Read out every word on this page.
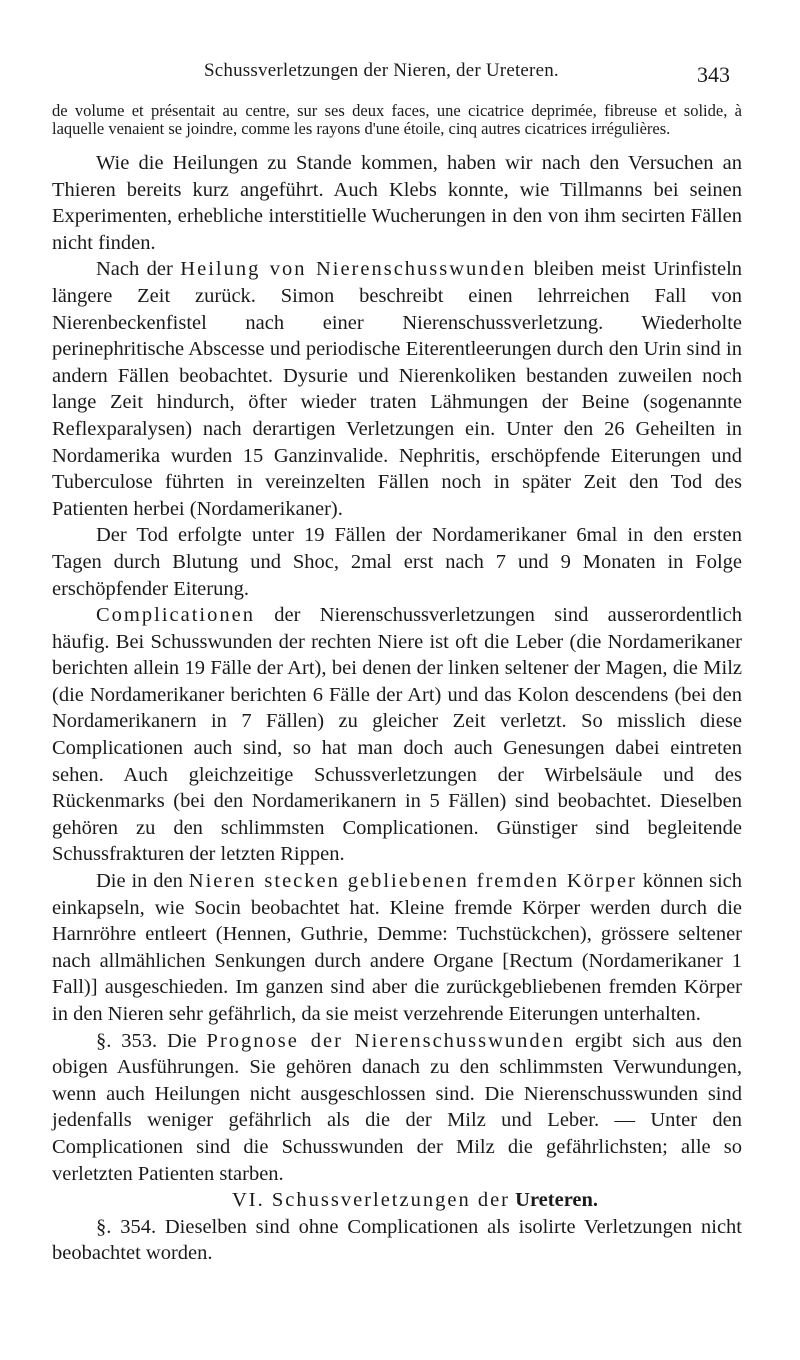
Schussverletzungen der Nieren, der Ureteren.	343

de volume et présentait au centre, sur ses deux faces, une cicatrice deprimée, fibreuse et solide, à laquelle venaient se joindre, comme les rayons d'une étoile, cinq autres cicatrices irrégulières.

Wie die Heilungen zu Stande kommen, haben wir nach den Versuchen an Thieren bereits kurz angeführt. Auch Klebs konnte, wie Tillmanns bei seinen Experimenten, erhebliche interstitielle Wucherungen in den von ihm secirten Fällen nicht finden.

Nach der Heilung von Nierenschusswunden bleiben meist Urinfisteln längere Zeit zurück. Simon beschreibt einen lehrreichen Fall von Nierenbeckenfistel nach einer Nierenschussverletzung. Wiederholte perinephritische Abscesse und periodische Eiterentleerungen durch den Urin sind in andern Fällen beobachtet. Dysurie und Nierenkoliken bestanden zuweilen noch lange Zeit hindurch, öfter wieder traten Lähmungen der Beine (sogenannte Reflexparalysen) nach derartigen Verletzungen ein. Unter den 26 Geheilten in Nordamerika wurden 15 Ganzinvalide. Nephritis, erschöpfende Eiterungen und Tuberculose führten in vereinzelten Fällen noch in später Zeit den Tod des Patienten herbei (Nordamerikaner).

Der Tod erfolgte unter 19 Fällen der Nordamerikaner 6mal in den ersten Tagen durch Blutung und Shoc, 2mal erst nach 7 und 9 Monaten in Folge erschöpfender Eiterung.

Complicationen der Nierenschussverletzungen sind ausserordentlich häufig. Bei Schusswunden der rechten Niere ist oft die Leber (die Nordamerikaner berichten allein 19 Fälle der Art), bei denen der linken seltener der Magen, die Milz (die Nordamerikaner berichten 6 Fälle der Art) und das Kolon descendens (bei den Nordamerikanern in 7 Fällen) zu gleicher Zeit verletzt. So misslich diese Complicationen auch sind, so hat man doch auch Genesungen dabei eintreten sehen. Auch gleichzeitige Schussverletzungen der Wirbelsäule und des Rückenmarks (bei den Nordamerikanern in 5 Fällen) sind beobachtet. Dieselben gehören zu den schlimmsten Complicationen. Günstiger sind begleitende Schussfrakturen der letzten Rippen.

Die in den Nieren stecken gebliebenen fremden Körper können sich einkapseln, wie Socin beobachtet hat. Kleine fremde Körper werden durch die Harnröhre entleert (Hennen, Guthrie, Demme: Tuchstückchen), grössere seltener nach allmählichen Senkungen durch andere Organe [Rectum (Nordamerikaner 1 Fall)] ausgeschieden. Im ganzen sind aber die zurückgebliebenen fremden Körper in den Nieren sehr gefährlich, da sie meist verzehrende Eiterungen unterhalten.

§. 353. Die Prognose der Nierenschusswunden ergibt sich aus den obigen Ausführungen. Sie gehören danach zu den schlimmsten Verwundungen, wenn auch Heilungen nicht ausgeschlossen sind. Die Nierenschusswunden sind jedenfalls weniger gefährlich als die der Milz und Leber. — Unter den Complicationen sind die Schusswunden der Milz die gefährlichsten; alle so verletzten Patienten starben.

VI. Schussverletzungen der Ureteren.

§. 354. Dieselben sind ohne Complicationen als isolirte Verletzungen nicht beobachtet worden.
